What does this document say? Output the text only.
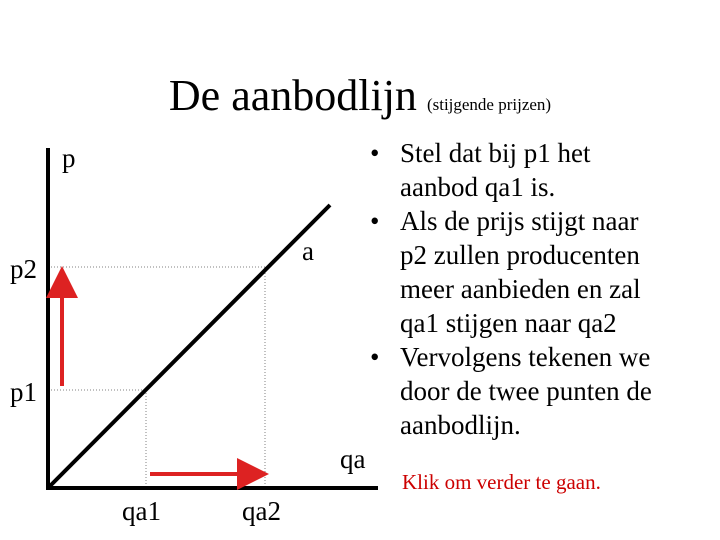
De aanbodlijn (stijgende prijzen)
p
p2
p1
a
qa
qa1	qa2
• Stel dat bij p1 het aanbod qa1 is.
• Als de prijs stijgt naar p2 zullen producenten meer aanbieden en zal qa1 stijgen naar qa2
• Vervolgens tekenen we door de twee punten de aanbodlijn.
Klik om verder te gaan.
